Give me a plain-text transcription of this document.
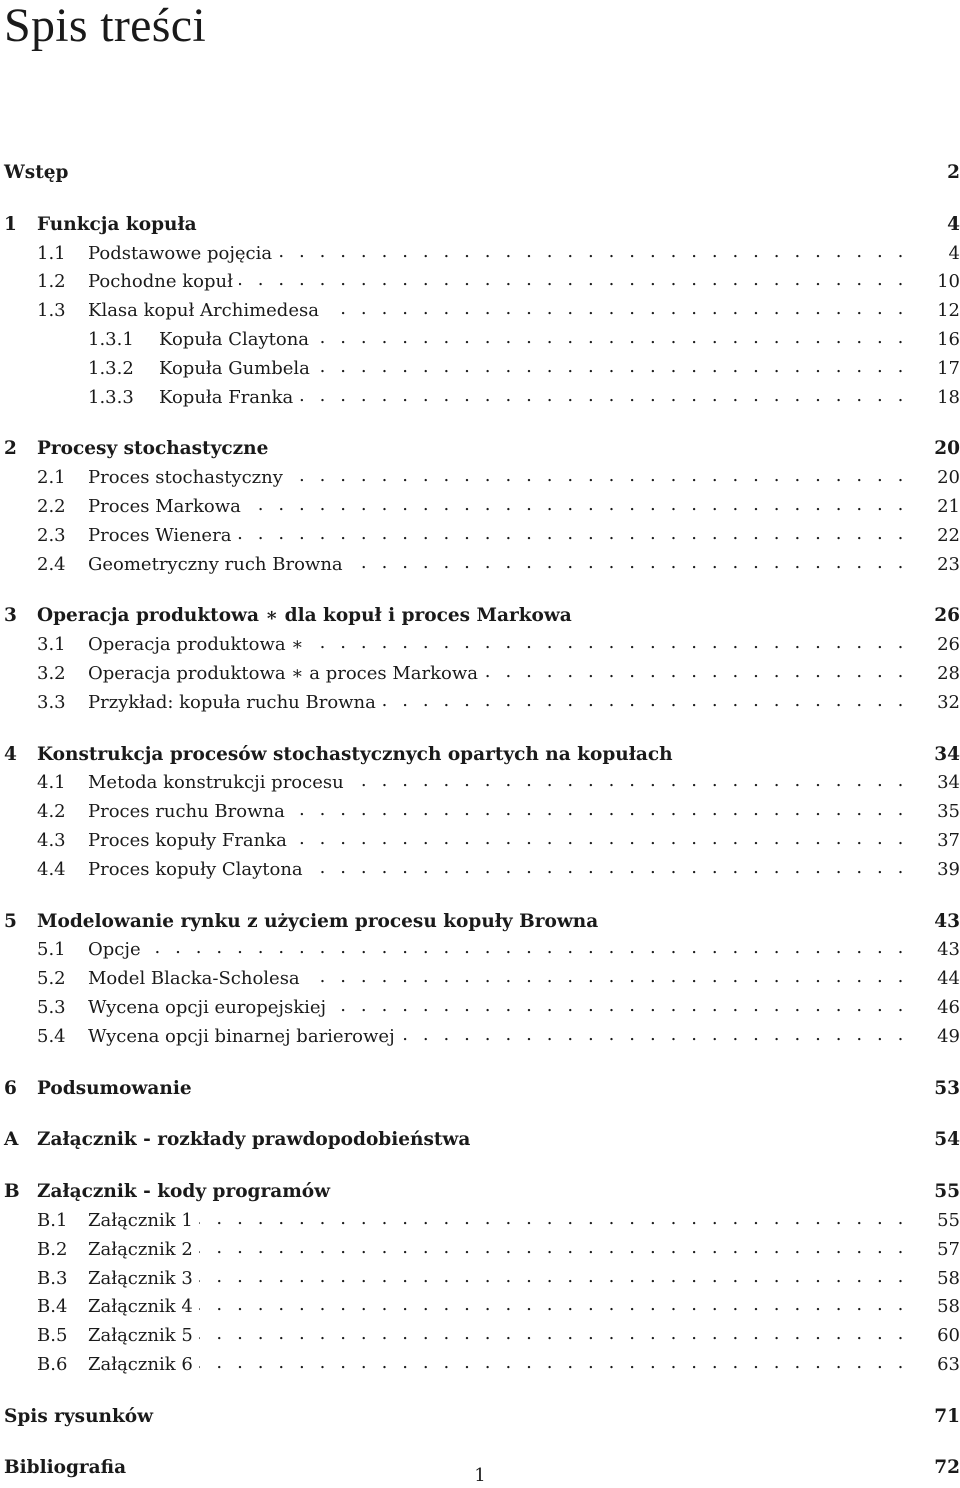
Spis treści
Wstęp	2
1	Funkcja kopuła	4
1.1	Podstawowe pojęcia . . .	4
1.2	Pochodne kopuł . . .	10
1.3	Klasa kopuł Archimedesa . . .	12
1.3.1	Kopuła Claytona . . .	16
1.3.2	Kopuła Gumbela . . .	17
1.3.3	Kopuła Franka . . .	18
2	Procesy stochastyczne	20
2.1	Proces stochastyczny . . .	20
2.2	Proces Markowa . . .	21
2.3	Proces Wienera . . .	22
2.4	Geometryczny ruch Browna . . .	23
3	Operacja produktowa ∗ dla kopuł i proces Markowa	26
3.1	Operacja produktowa ∗ . . .	26
3.2	Operacja produktowa ∗ a proces Markowa . . .	28
3.3	Przykład: kopuła ruchu Browna . . .	32
4	Konstrukcja procesów stochastycznych opartych na kopułach	34
4.1	Metoda konstrukcji procesu . . .	34
4.2	Proces ruchu Browna . . .	35
4.3	Proces kopuły Franka . . .	37
4.4	Proces kopuły Claytona . . .	39
5	Modelowanie rynku z użyciem procesu kopuły Browna	43
5.1	Opcje . . .	43
5.2	Model Blacka-Scholesa . . .	44
5.3	Wycena opcji europejskiej . . .	46
5.4	Wycena opcji binarnej barierowej . . .	49
6	Podsumowanie	53
A	Załącznik - rozkłady prawdopodobieństwa	54
B Załącznik - kody programów	55
B.1	Załącznik 1 . . .	55
B.2	Załącznik 2 . . .	57
B.3	Załącznik 3 . . .	58
B.4	Załącznik 4 . . .	58
B.5	Załącznik 5 . . .	60
B.6	Załącznik 6 . . .	63
Spis rysunków	71
Bibliografia	72
1
